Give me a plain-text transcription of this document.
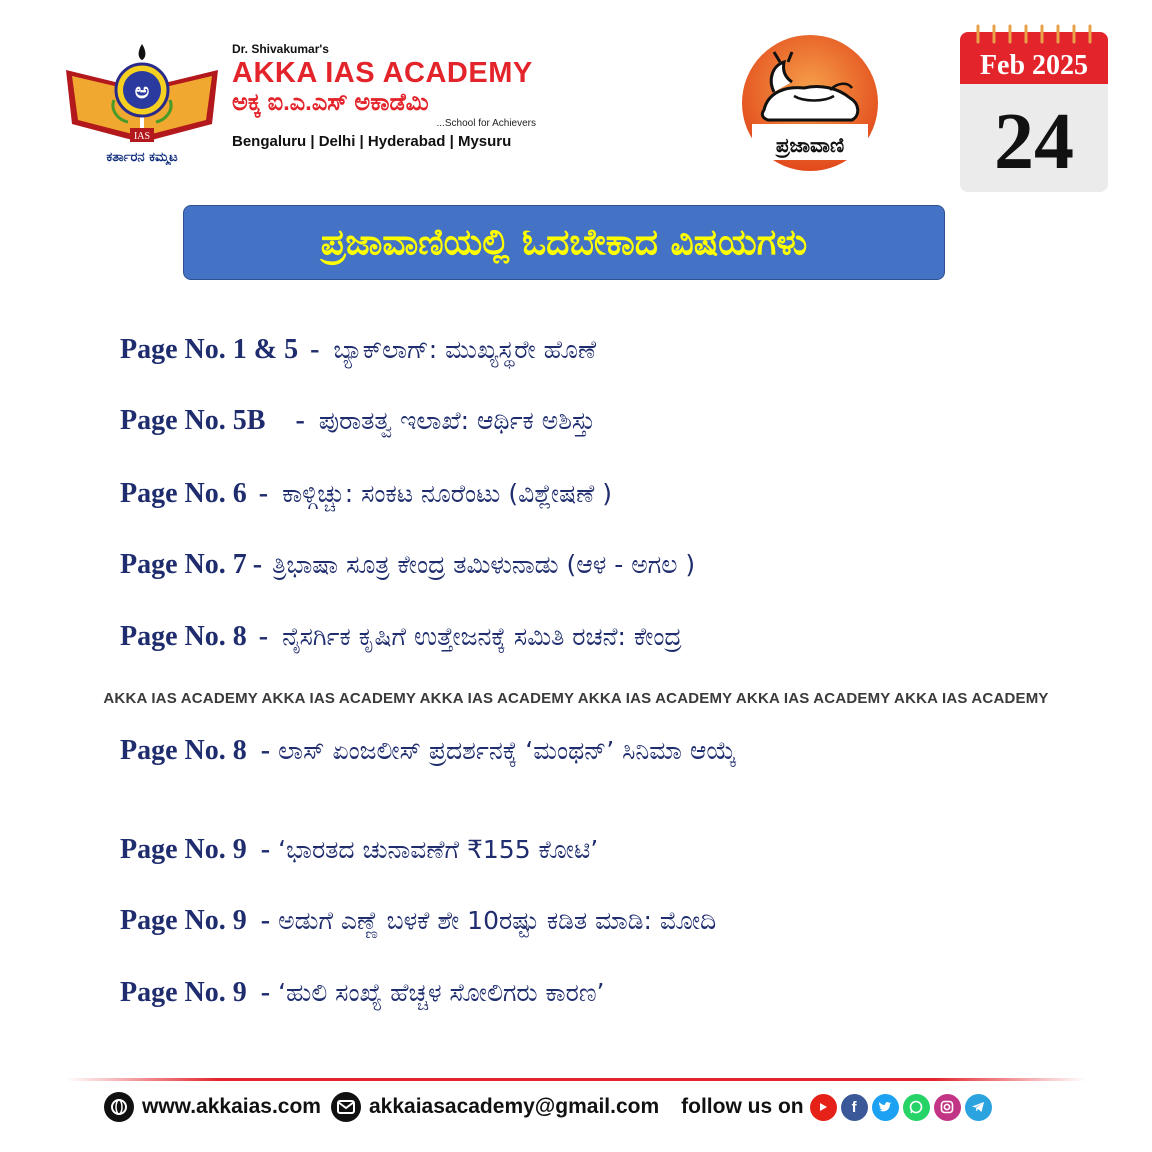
ಅ
IAS
ಕರ್ತಾರನ ಕಮ್ಮಟ
Dr. Shivakumar's
AKKA IAS ACADEMY
ಅಕ್ಕ ಐ.ಎ.ಎಸ್ ಅಕಾಡೆಮಿ
...School for Achievers
Bengaluru | Delhi | Hyderabad | Mysuru	ಪ್ರಜಾವಾಣಿ
Feb 2025
24
ಪ್ರಜಾವಾಣಿಯಲ್ಲಿ ಓದಬೇಕಾದ ವಿಷಯಗಳು
Page No. 1 & 5 - ಬ್ಯಾಕ್‌ಲಾಗ್: ಮುಖ್ಯಸ್ಥರೇ ಹೊಣೆ
Page No. 5B - ಪುರಾತತ್ವ ಇಲಾಖೆ: ಆರ್ಥಿಕ ಅಶಿಸ್ತು
Page No. 6 - ಕಾಳ್ಗಿಚ್ಚು: ಸಂಕಟ ನೂರೆಂಟು (ವಿಶ್ಲೇಷಣೆ )
Page No. 7 - ತ್ರಿಭಾಷಾ ಸೂತ್ರ ಕೇಂದ್ರ ತಮಿಳುನಾಡು (ಆಳ - ಅಗಲ )
Page No. 8 - ನೈಸರ್ಗಿಕ ಕೃಷಿಗೆ ಉತ್ತೇಜನಕ್ಕೆ ಸಮಿತಿ ರಚನೆ: ಕೇಂದ್ರ
AKKA IAS ACADEMY AKKA IAS ACADEMY AKKA IAS ACADEMY AKKA IAS ACADEMY AKKA IAS ACADEMY AKKA IAS ACADEMY
Page No. 8 - ಲಾಸ್ ಏಂಜಲೀಸ್ ಪ್ರದರ್ಶನಕ್ಕೆ ‘ಮಂಥನ್’ ಸಿನಿಮಾ ಆಯ್ಕೆ
Page No. 9 - ‘ಭಾರತದ ಚುನಾವಣೆಗೆ ₹155 ಕೋಟಿ’
Page No. 9 - ಅಡುಗೆ ಎಣ್ಣೆ ಬಳಕೆ ಶೇ 10ರಷ್ಟು ಕಡಿತ ಮಾಡಿ: ಮೋದಿ
Page No. 9 - ‘ಹುಲಿ ಸಂಖ್ಯೆ ಹೆಚ್ಚಳ ಸೋಲಿಗರು ಕಾರಣ’
www.akkaias.com akkaiasacademy@gmail.com follow us on	f
